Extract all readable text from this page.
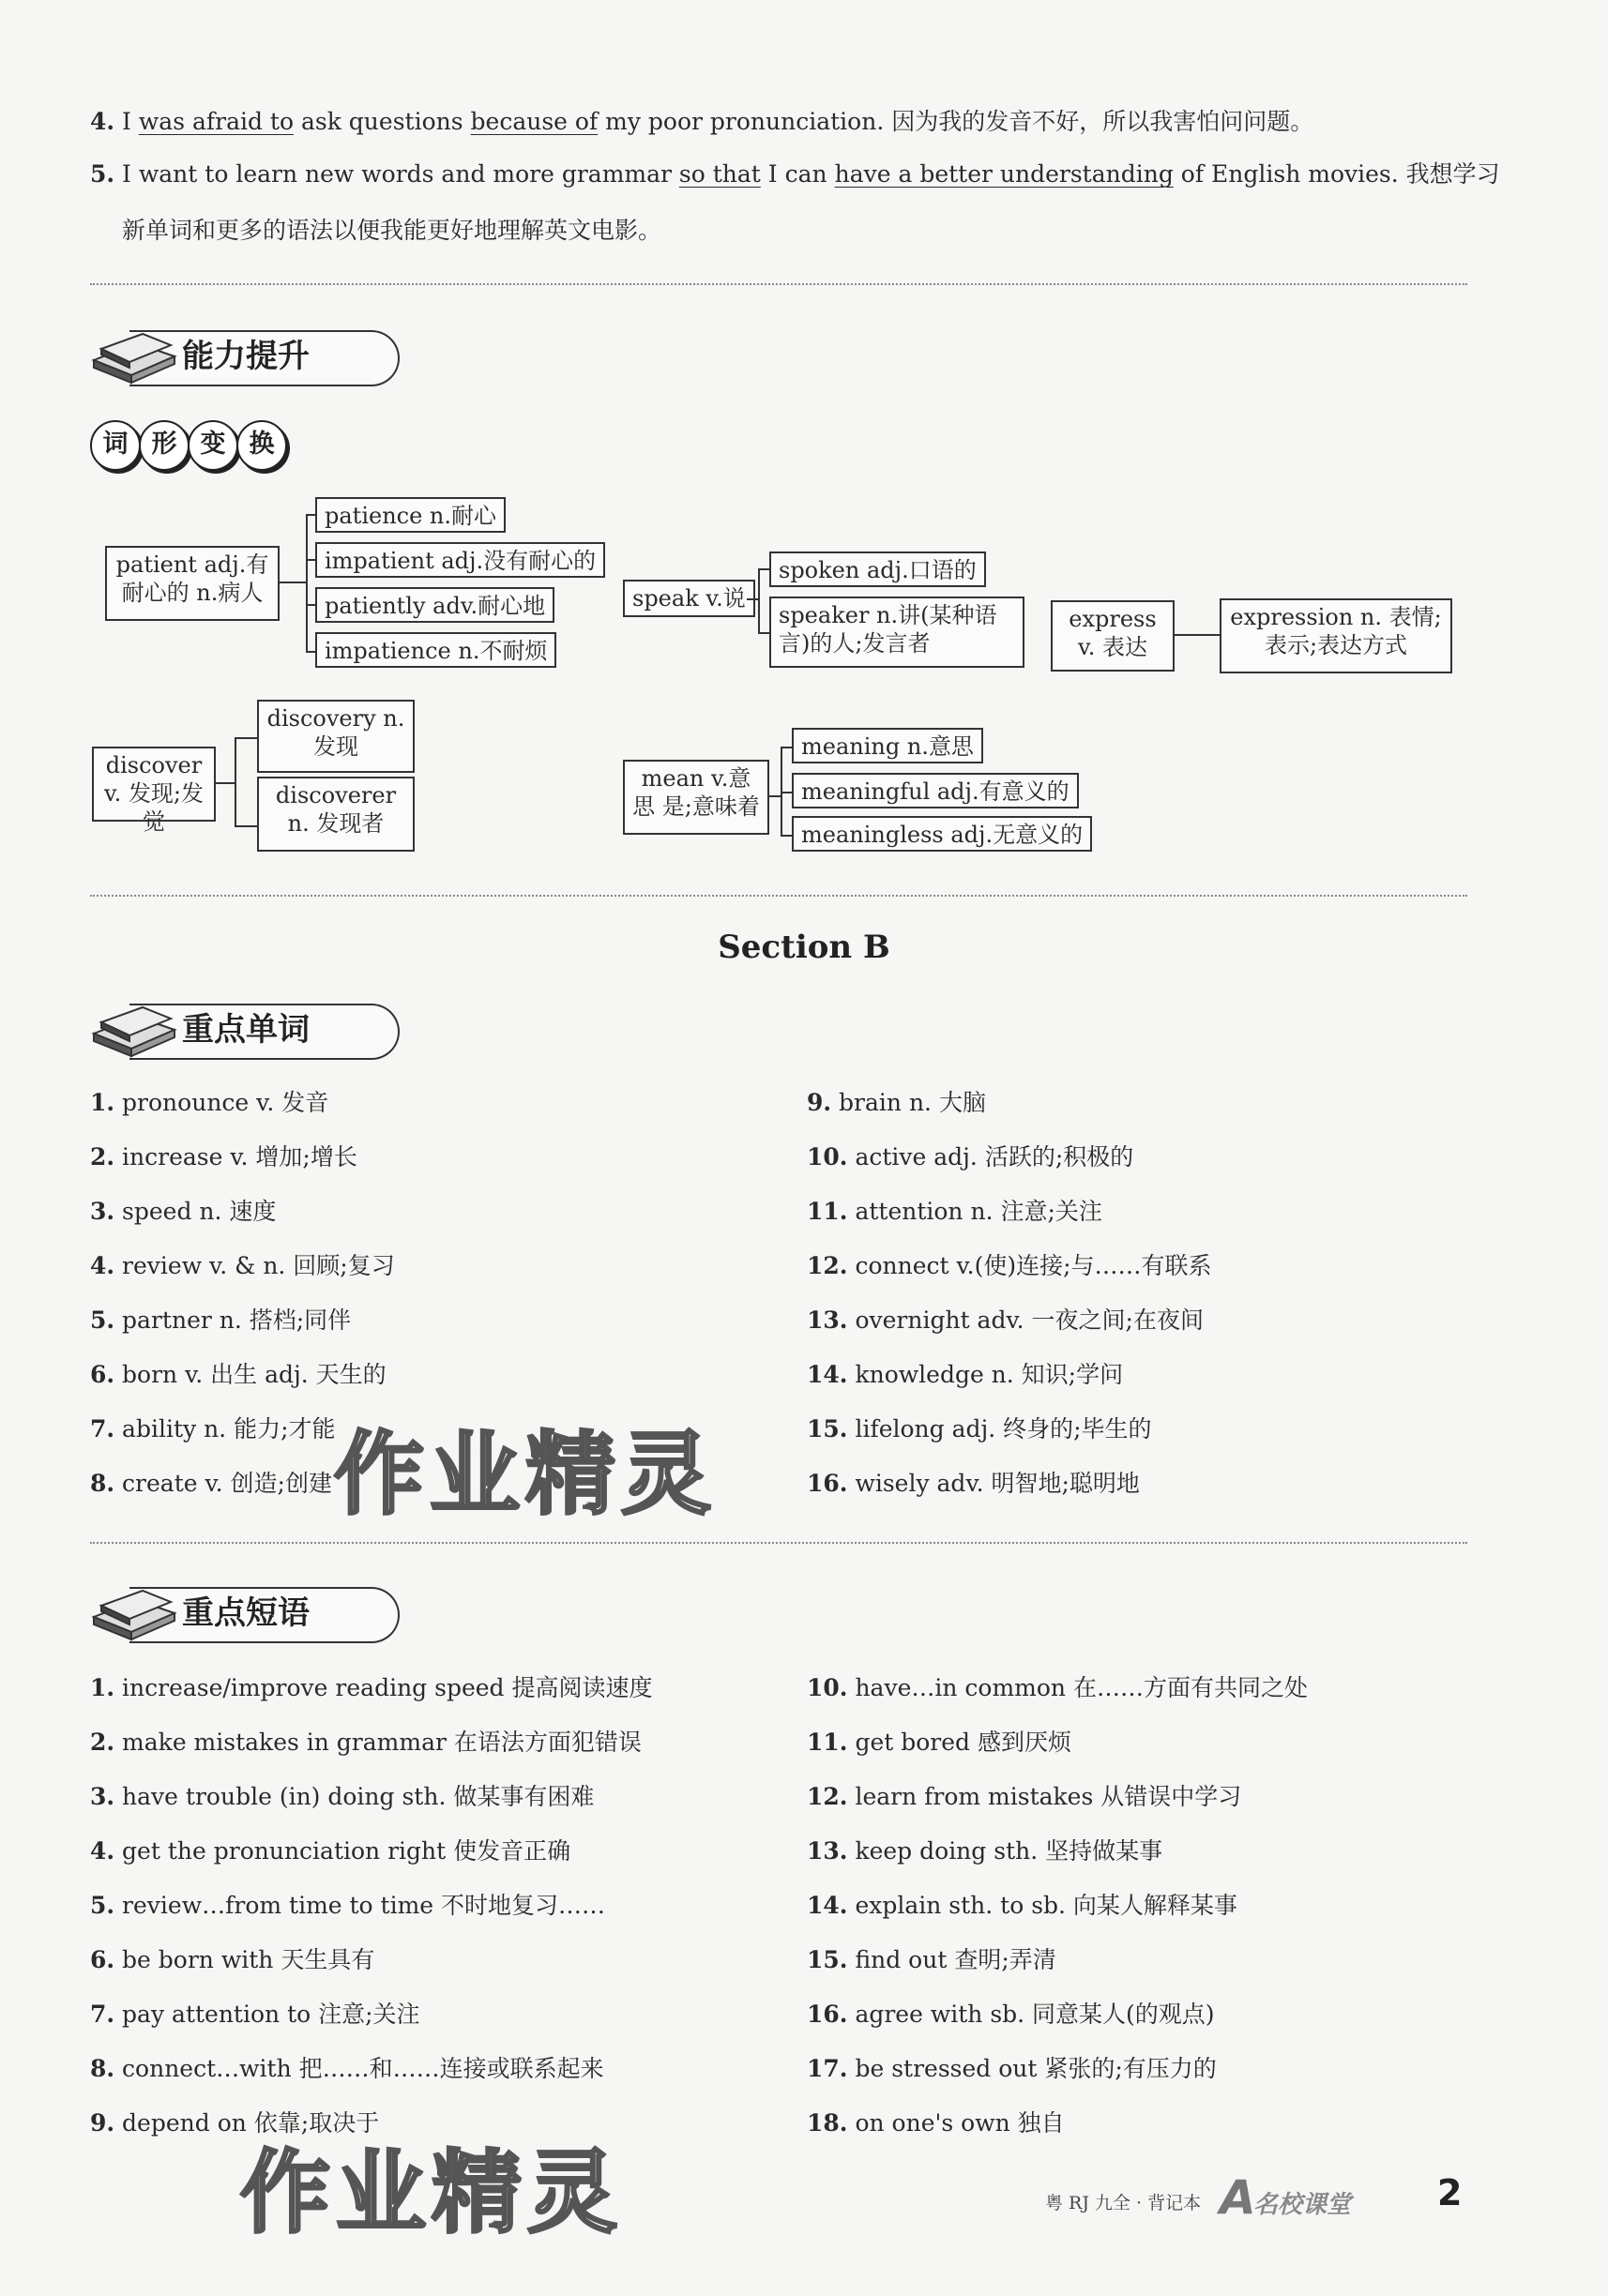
4. I was afraid to ask questions because of my poor pronunciation. 因为我的发音不好，所以我害怕问问题。
5. I want to learn new words and more grammar so that I can have a better understanding of English movies. 我想学习
新单词和更多的语法以便我能更好地理解英文电影。
能力提升
词 形 变 换
patient adj.有耐心的 n.病人
patience n.耐心
impatient adj.没有耐心的
patiently adv.耐心地
impatience n.不耐烦
speak v.说
spoken adj.口语的
speaker n.讲(某种语言)的人;发言者
express v. 表达
expression n. 表情;表示;表达方式
discover v. 发现;发觉
discovery n. 发现
discoverer n. 发现者
mean v.意思 是;意味着
meaning n.意思
meaningful adj.有意义的
meaningless adj.无意义的
Section B
重点单词
1. pronounce v. 发音
2. increase v. 增加;增长
3. speed n. 速度
4. review v. & n. 回顾;复习
5. partner n. 搭档;同伴
6. born v. 出生 adj. 天生的
7. ability n. 能力;才能
8. create v. 创造;创建
9. brain n. 大脑
10. active adj. 活跃的;积极的
11. attention n. 注意;关注
12. connect v.(使)连接;与……有联系
13. overnight adv. 一夜之间;在夜间
14. knowledge n. 知识;学问
15. lifelong adj. 终身的;毕生的
16. wisely adv. 明智地;聪明地
作业精灵
重点短语
1. increase/improve reading speed 提高阅读速度
2. make mistakes in grammar 在语法方面犯错误
3. have trouble (in) doing sth. 做某事有困难
4. get the pronunciation right 使发音正确
5. review…from time to time 不时地复习……
6. be born with 天生具有
7. pay attention to 注意;关注
8. connect…with 把……和……连接或联系起来
9. depend on 依靠;取决于
10. have…in common 在……方面有共同之处
11. get bored 感到厌烦
12. learn from mistakes 从错误中学习
13. keep doing sth. 坚持做某事
14. explain sth. to sb. 向某人解释某事
15. find out 查明;弄清
16. agree with sb. 同意某人(的观点)
17. be stressed out 紧张的;有压力的
18. on one's own 独自
作业精灵	粤 RJ 九全 · 背记本 A
名校课堂 2
